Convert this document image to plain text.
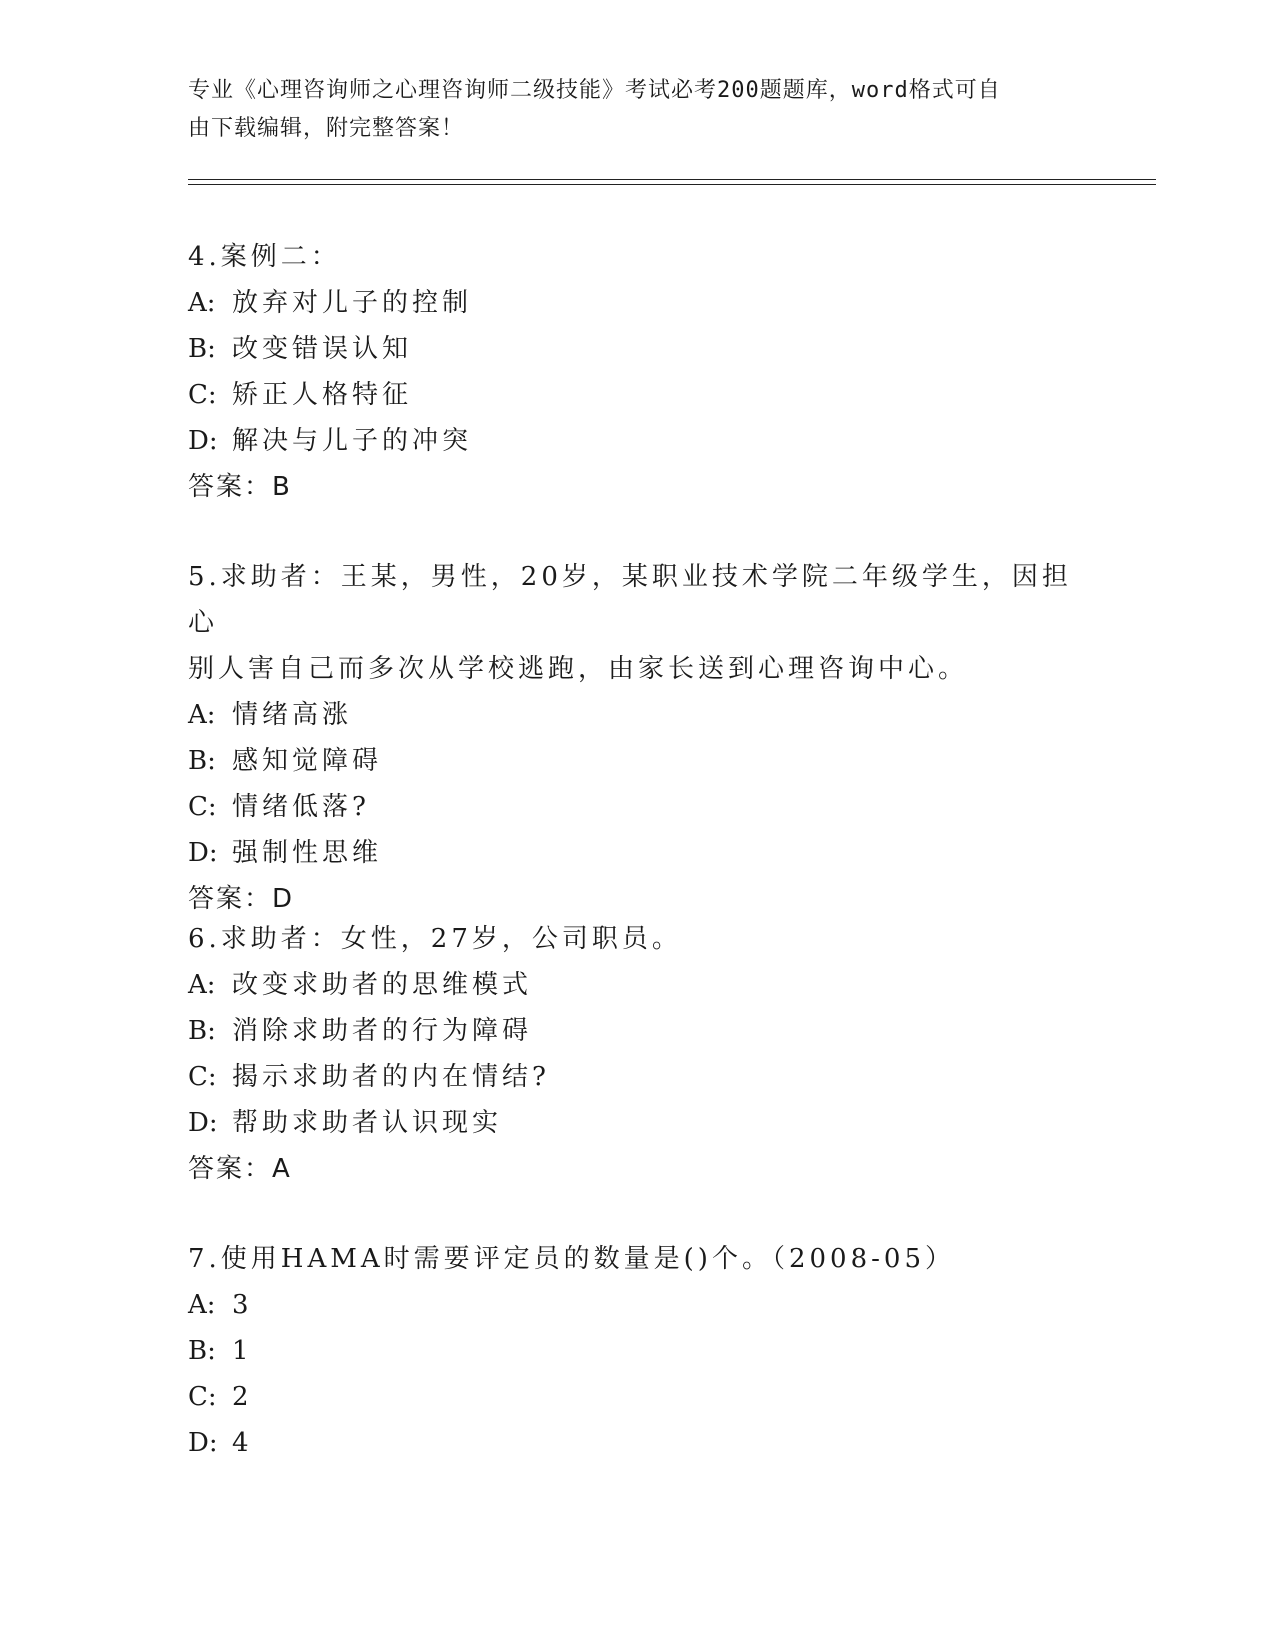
专业《心理咨询师之心理咨询师二级技能》考试必考200题题库，word格式可自
由下载编辑，附完整答案！
4.案例二：
A: 放弃对儿子的控制
B: 改变错误认知
C: 矫正人格特征
D: 解决与儿子的冲突
答案：B
5.求助者：王某，男性，20岁，某职业技术学院二年级学生，因担心
别人害自己而多次从学校逃跑，由家长送到心理咨询中心。
A: 情绪高涨
B: 感知觉障碍
C: 情绪低落?
D: 强制性思维
答案：D
6.求助者：女性，27岁，公司职员。
A: 改变求助者的思维模式
B: 消除求助者的行为障碍
C: 揭示求助者的内在情结?
D: 帮助求助者认识现实
答案：A
7.使用HAMA时需要评定员的数量是()个。（2008-05）
A: 3
B: 1
C: 2
D: 4
